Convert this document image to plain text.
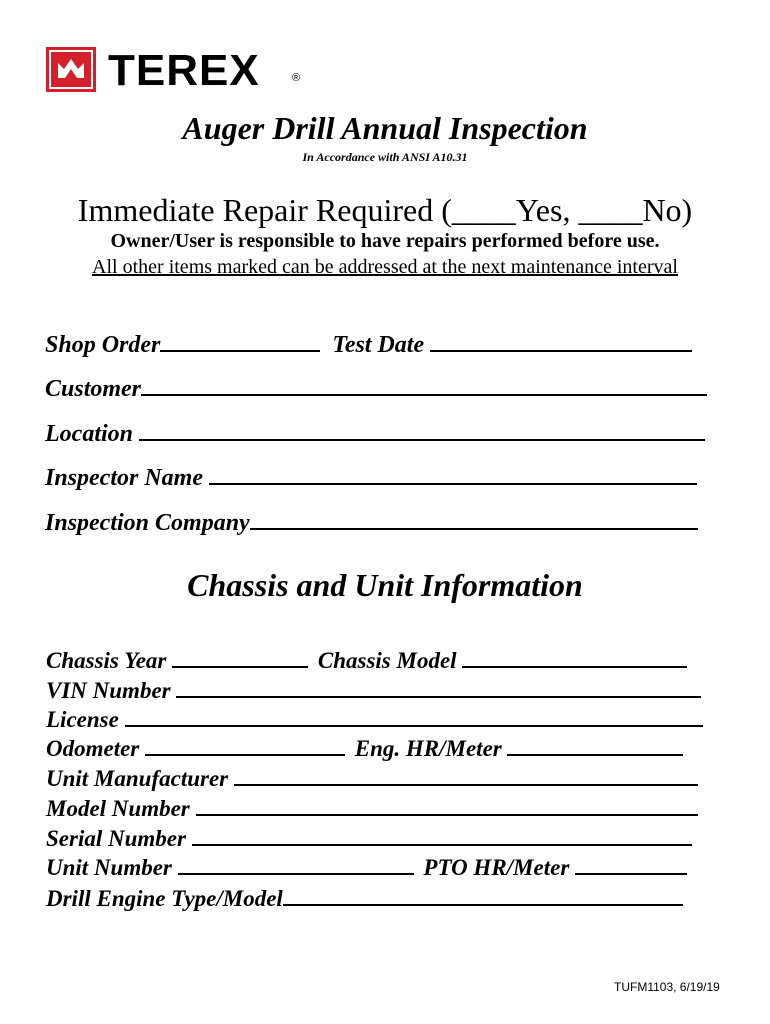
TEREX	®
Auger Drill Annual Inspection
In Accordance with ANSI A10.31
Immediate Repair Required (____Yes, ____No)
Owner/User is responsible to have repairs performed before use.
All other items marked can be addressed at the next maintenance interval
Shop Order	Test Date
Customer
Location
Inspector Name
Inspection Company
Chassis and Unit Information
Chassis Year	Chassis Model
VIN Number
License
Odometer	Eng. HR/Meter
Unit Manufacturer
Model Number
Serial Number
Unit Number	PTO HR/Meter
Drill Engine Type/Model
TUFM1103, 6/19/19
